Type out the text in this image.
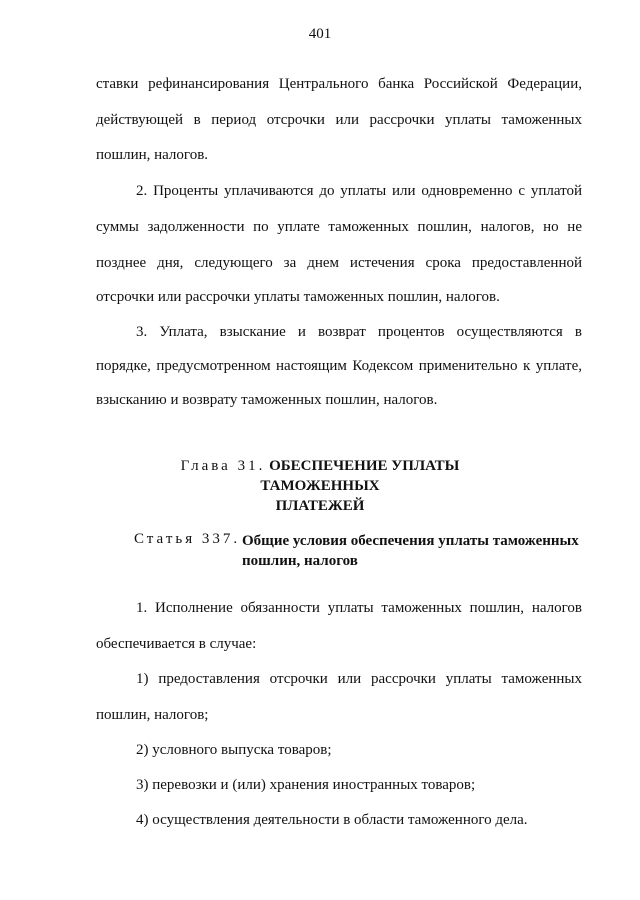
401
ставки рефинансирования Центрального банка Российской Федерации,
действующей в период отсрочки или рассрочки уплаты таможенных
пошлин, налогов.
2. Проценты уплачиваются до уплаты или одновременно с уплатой
суммы задолженности по уплате таможенных пошлин, налогов, но не
позднее дня, следующего за днем истечения срока предоставленной
отсрочки или рассрочки уплаты таможенных пошлин, налогов.
3. Уплата, взыскание и возврат процентов осуществляются в
порядке, предусмотренном настоящим Кодексом применительно к уплате,
взысканию и возврату таможенных пошлин, налогов.
Глава 31. ОБЕСПЕЧЕНИЕ УПЛАТЫ ТАМОЖЕННЫХ
ПЛАТЕЖЕЙ
Статья 337. Общие условия обеспечения уплаты таможенных пошлин, налогов
1. Исполнение обязанности уплаты таможенных пошлин, налогов
обеспечивается в случае:
1) предоставления отсрочки или рассрочки уплаты таможенных
пошлин, налогов;
2) условного выпуска товаров;
3) перевозки и (или) хранения иностранных товаров;
4) осуществления деятельности в области таможенного дела.
